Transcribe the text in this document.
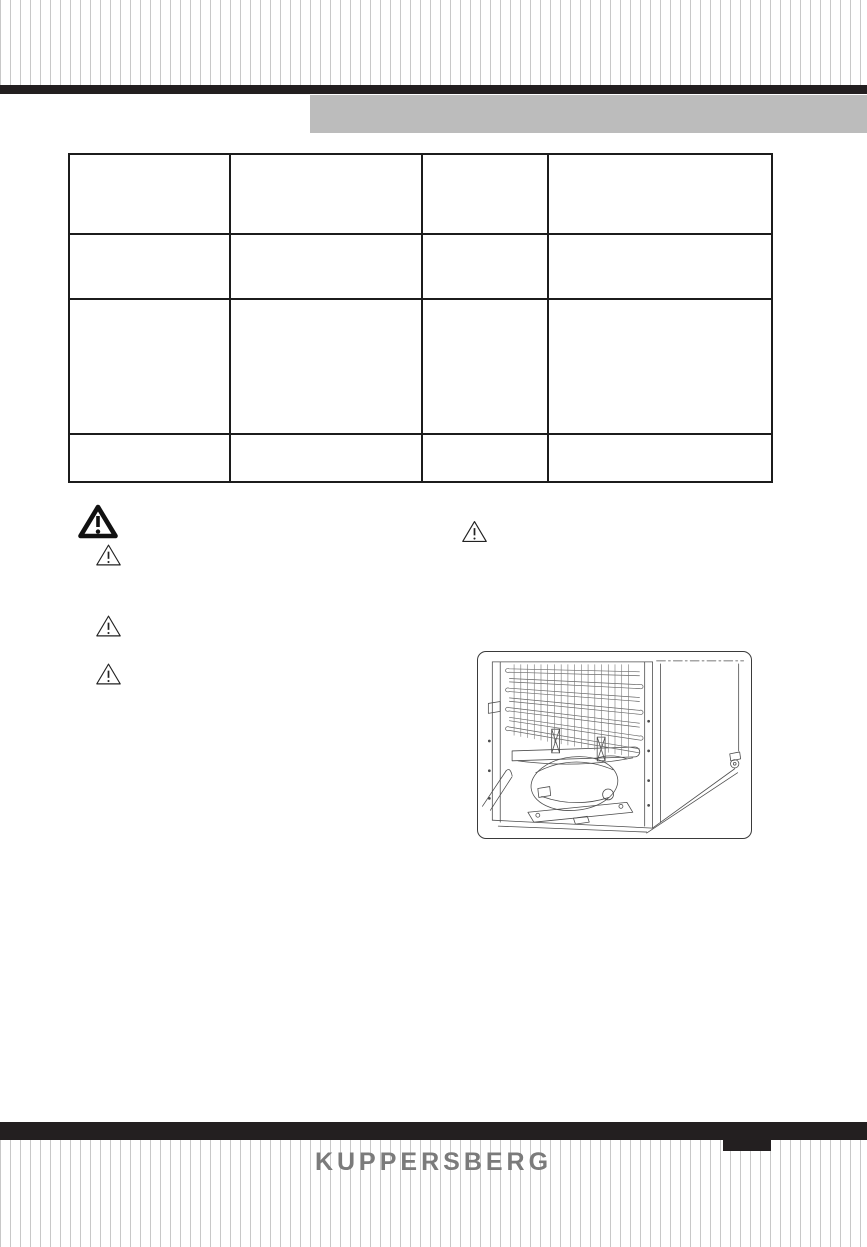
KUPPERSBERG
